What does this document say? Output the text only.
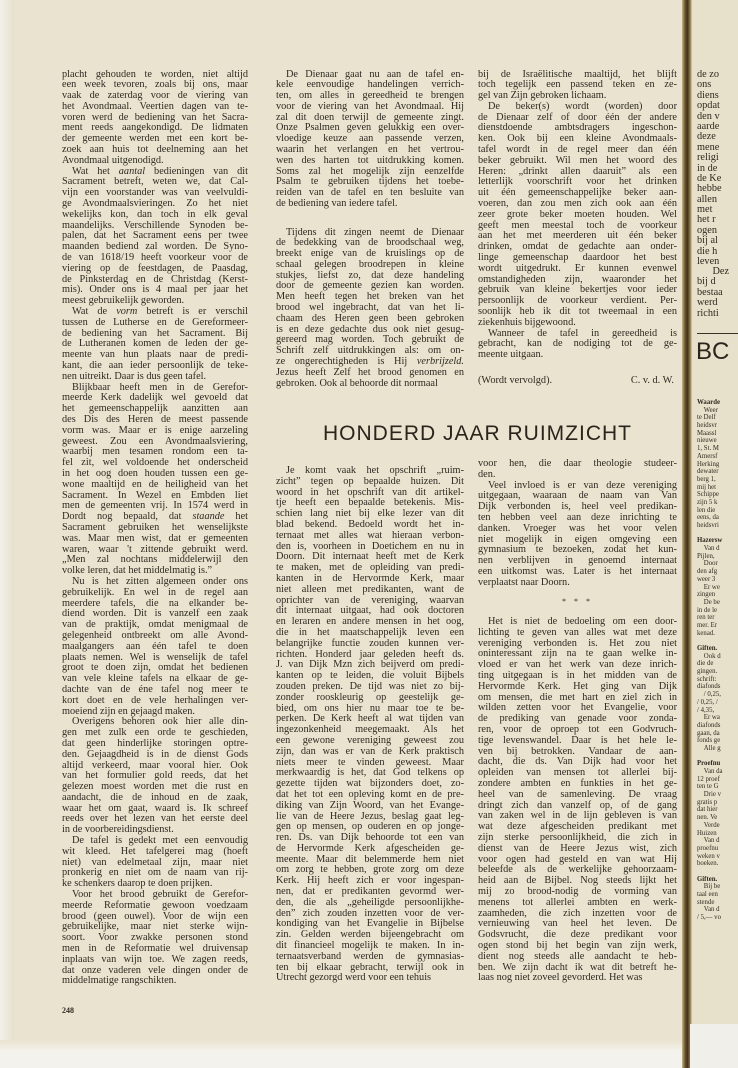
placht gehouden te worden, niet altijd
een week tevoren, zoals bij ons, maar
vaak de zaterdag voor de viering van
het Avondmaal. Veertien dagen van te-
voren werd de bediening van het Sacra-
ment reeds aangekondigd. De lidmaten
der gemeente werden met een kort be-
zoek aan huis tot deelneming aan het
Avondmaal uitgenodigd.
Wat het aantal bedieningen van dit
Sacrament betreft, weten we, dat Cal-
vijn een voorstander was van veelvuldi-
ge Avondmaalsvieringen. Zo het niet
wekelijks kon, dan toch in elk geval
maandelijks. Verschillende Synoden be-
palen, dat het Sacrament eens per twee
maanden bediend zal worden. De Syno-
de van 1618/19 heeft voorkeur voor de
viering op de feestdagen, de Paasdag,
de Pinksterdag en de Christdag (Kerst-
mis). Onder ons is 4 maal per jaar het
meest gebruikelijk geworden.
Wat de vorm betreft is er verschil
tussen de Lutherse en de Gereformeer-
de bediening van het Sacrament. Bij
de Lutheranen komen de leden der ge-
meente van hun plaats naar de predi-
kant, die aan ieder persoonlijk de teke-
nen uitreikt. Daar is dus geen tafel.
Blijkbaar heeft men in de Gerefor-
meerde Kerk dadelijk wel gevoeld dat
het gemeenschappelijk aanzitten aan
des Dis des Heren de meest passende
vorm was. Maar er is enige aarzeling
geweest. Zou een Avondmaalsviering,
waarbij men tesamen rondom een ta-
fel zit, wel voldoende het onderscheid
in het oog doen houden tussen een ge-
wone maaltijd en de heiligheid van het
Sacrament. In Wezel en Embden liet
men de gemeenten vrij. In 1574 werd in
Dordt nog bepaald, dat staande het
Sacrament gebruiken het wenselijkste
was. Maar men wist, dat er gemeenten
waren, waar 't zittende gebruikt werd.
„Men zal nochtans middelerwijl den
volke leren, dat het middelmatig is.”
Nu is het zitten algemeen onder ons
gebruikelijk. En wel in de regel aan
meerdere tafels, die na elkander be-
diend worden. Dit is vanzelf een zaak
van de praktijk, omdat menigmaal de
gelegenheid ontbreekt om alle Avond-
maalgangers aan één tafel te doen
plaats nemen. Wel is wenselijk de tafel
groot te doen zijn, omdat het bedienen
van vele kleine tafels na elkaar de ge-
dachte van de éne tafel nog meer te
kort doet en de vele herhalingen ver-
moeiend zijn en gejaagd maken.
Overigens behoren ook hier alle din-
gen met zulk een orde te geschieden,
dat geen hinderlijke storingen optre-
den. Gejaagdheid is in de dienst Gods
altijd verkeerd, maar vooral hier. Ook
van het formulier gold reeds, dat het
gelezen moest worden met die rust en
aandacht, die de inhoud en de zaak,
waar het om gaat, waard is. Ik schreef
reeds over het lezen van het eerste deel
in de voorbereidingsdienst.
De tafel is gedekt met een eenvoudig
wit kleed. Het tafelgerei mag (hoeft
niet) van edelmetaal zijn, maar niet
pronkerig en niet om de naam van rij-
ke schenkers daarop te doen prijken.
Voor het brood gebruikt de Gerefor-
meerde Reformatie gewoon voedzaam
brood (geen ouwel). Voor de wijn een
gebruikelijke, maar niet sterke wijn-
soort. Voor zwakke personen stond
men in de Reformatie wel druivensap
inplaats van wijn toe. We zagen reeds,
dat onze vaderen vele dingen onder de
middelmatige rangschikten.
De Dienaar gaat nu aan de tafel en-
kele eenvoudige handelingen verrich-
ten, om alles in gereedheid te brengen
voor de viering van het Avondmaal. Hij
zal dit doen terwijl de gemeente zingt.
Onze Psalmen geven gelukkig een over-
vloedige keuze aan passende verzen,
waarin het verlangen en het vertrou-
wen des harten tot uitdrukking komen.
Soms zal het mogelijk zijn eenzelfde
Psalm te gebruiken tijdens het toebe-
reiden van de tafel en ten besluite van
de bediening van iedere tafel.
Tijdens dit zingen neemt de Dienaar
de bedekking van de broodschaal weg,
breekt enige van de kruislings op de
schaal gelegen broodrepen in kleine
stukjes, liefst zo, dat deze handeling
door de gemeente gezien kan worden.
Men heeft tegen het breken van het
brood wel ingebracht, dat van het li-
chaam des Heren geen been gebroken
is en deze gedachte dus ook niet gesug-
gereerd mag worden. Toch gebruikt de
Schrift zelf uitdrukkingen als: om on-
ze ongerechtigheden is Hij verbrijzeld.
Jezus heeft Zelf het brood genomen en
gebroken. Ook al behoorde dit normaal
bij de Israëlitische maaltijd, het blijft
toch tegelijk een passend teken en ze-
gel van Zijn gebroken lichaam.
De beker(s) wordt (worden) door
de Dienaar zelf of door één der andere
dienstdoende ambtsdragers ingeschon-
ken. Ook bij een kleine Avondmaals-
tafel wordt in de regel meer dan één
beker gebruikt. Wil men het woord des
Heren: „drinkt allen daaruit” als een
letterlijk voorschrift voor het drinken
uit één gemeenschappelijke beker aan-
voeren, dan zou men zich ook aan één
zeer grote beker moeten houden. Wel
geeft men meestal toch de voorkeur
aan het met meerderen uit één beker
drinken, omdat de gedachte aan onder-
linge gemeenschap daardoor het best
wordt uitgedrukt. Er kunnen evenwel
omstandigheden zijn, waaronder het
gebruik van kleine bekertjes voor ieder
persoonlijk de voorkeur verdient. Per-
soonlijk heb ik dit tot tweemaal in een
ziekenhuis bijgewoond.
Wanneer de tafel in gereedheid is
gebracht, kan de nodiging tot de ge-
meente uitgaan.
(Wordt vervolgd).	C. v. d. W.
HONDERD JAAR RUIMZICHT
Je komt vaak het opschrift „ruim-
zicht” tegen op bepaalde huizen. Dit
woord in het opschrift van dit artikel-
tje heeft een bepaalde betekenis. Mis-
schien lang niet bij elke lezer van dit
blad bekend. Bedoeld wordt het in-
ternaat met alles wat hieraan verbon-
den is, voorheen in Doetichem en nu in
Doorn. Dit internaat heeft met de Kerk
te maken, met de opleiding van predi-
kanten in de Hervormde Kerk, maar
niet alleen met predikanten, want de
oprichter van de vereniging, waarvan
dit internaat uitgaat, had ook doctoren
en leraren en andere mensen in het oog,
die in het maatschappelijk leven een
belangrijke functie zouden kunnen ver-
richten. Honderd jaar geleden heeft ds.
J. van Dijk Mzn zich beijverd om predi-
kanten op te leiden, die voluit Bijbels
zouden preken. De tijd was niet zo bij-
zonder rooskleurig op geestelijk ge-
bied, om ons hier nu maar toe te be-
perken. De Kerk heeft al wat tijden van
ingezonkenheid meegemaakt. Als het
een gewone vereniging geweest zou
zijn, dan was er van de Kerk praktisch
niets meer te vinden geweest. Maar
merkwaardig is het, dat God telkens op
gezette tijden wat bijzonders doet, zo-
dat het tot een opleving komt en de pre-
diking van Zijn Woord, van het Evange-
lie van de Heere Jezus, beslag gaat leg-
gen op mensen, op ouderen en op jonge-
ren. Ds. van Dijk behoorde tot een van
de Hervormde Kerk afgescheiden ge-
meente. Maar dit belemmerde hem niet
om zorg te hebben, grote zorg om deze
Kerk. Hij heeft zich er voor ingespan-
nen, dat er predikanten gevormd wer-
den, die als „geheiligde persoonlijkhe-
den” zich zouden inzetten voor de ver-
kondiging van het Evangelie in Bijbelse
zin. Gelden werden bijeengebracht om
dit financieel mogelijk te maken. In in-
ternaatsverband werden de gymnasias-
ten bij elkaar gebracht, terwijl ook in
Utrecht gezorgd werd voor een tehuis
voor hen, die daar theologie studeer-
den.
Veel invloed is er van deze vereniging
uitgegaan, waaraan de naam van Van
Dijk verbonden is, heel veel predikan-
ten hebben veel aan deze inrichting te
danken. Vroeger was het voor velen
niet mogelijk in eigen omgeving een
gymnasium te bezoeken, zodat het kun-
nen verblijven in genoemd internaat
een uitkomst was. Later is het internaat
verplaatst naar Doorn.
* * *
Het is niet de bedoeling om een door-
lichting te geven van alles wat met deze
vereniging verbonden is. Het zou niet
oninteressant zijn na te gaan welke in-
vloed er van het werk van deze inrich-
ting uitgegaan is in het midden van de
Hervormde Kerk. Het ging van Dijk
om mensen, die met hart en ziel zich in
wilden zetten voor het Evangelie, voor
de prediking van genade voor zonda-
ren, voor de oproep tot een Godvruch-
tige levenswandel. Daar is het hele le-
ven bij betrokken. Vandaar de aan-
dacht, die ds. Van Dijk had voor het
opleiden van mensen tot allerlei bij-
zondere ambten en funkties in het ge-
heel van de samenleving. De vraag
dringt zich dan vanzelf op, of de gang
van zaken wel in de lijn gebleven is van
wat deze afgescheiden predikant met
zijn sterke persoonlijkheid, die zich in
dienst van de Heere Jezus wist, zich
voor ogen had gesteld en van wat Hij
beleefde als de werkelijke gehoorzaam-
heid aan de Bijbel. Nog steeds lijkt het
mij zo brood-nodig de vorming van
menens tot allerlei ambten en werk-
zaamheden, die zich inzetten voor de
vernieuwing van heel het leven. De
Godsvrucht, die deze predikant voor
ogen stond bij het begin van zijn werk,
dient nog steeds alle aandacht te heb-
ben. We zijn dacht ik wat dit betreft he-
laas nog niet zoveel gevorderd. Het was
248
de zo
ons
diens
opdat
den v
aarde
deze
mene
religi
in de
de Ke
hebbe
allen
met
het r
ogen
bij al
die h
leven
Dez
bij d
bestaa
werd
richti
BC
Waarde
Weer
te Delf
heidsvr
Maassl
nieuwe
1, St. M
Amersf
Herking
dewater
berg 1,
mij het
Schippe
zijn 5 k
len die
eens, da
heidsvri
Hazersw
Van d
Pijlen,
Door
den afg
weer 3
Er we
zingen
De be
in de le
ren ter
mer. Er
kenad.
Giften.
Ook d
die de
gingen.
schrift:
diafonds
/ 0,25,
/ 0,25, /
/ 4,35,
Er wa
diafonds
gaan, da
fonds ge
Alle g
Proefnu
Van da
12 proef
ten te G
Drie v
gratis p
dat hier
nen. Ve
Verde
Huizen
Van d
proefnu
weken v
boeken.
Giften.
Bij be
taal een
stende
Van d
/ 5,— vo
